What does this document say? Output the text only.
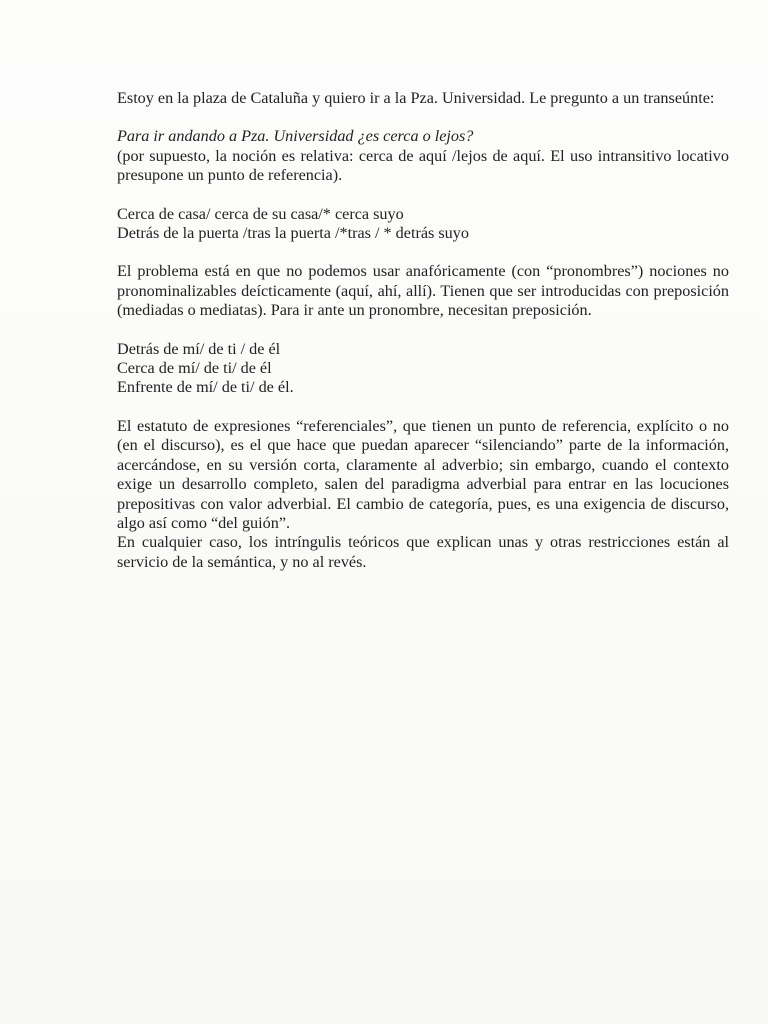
Estoy en la plaza de Cataluña y quiero ir a la Pza. Universidad. Le pregunto a un transeúnte:

Para ir andando a Pza. Universidad ¿es cerca o lejos?
(por supuesto, la noción es relativa: cerca de aquí /lejos de aquí. El uso intransitivo locativo presupone un punto de referencia).
Cerca de casa/ cerca de su casa/* cerca suyo
Detrás de la puerta /tras la puerta /*tras / * detrás suyo

El problema está en que no podemos usar anafóricamente (con “pronombres”) nociones no pronominalizables deícticamente (aquí, ahí, allí). Tienen que ser introducidas con preposición (mediadas o mediatas). Para ir ante un pronombre, necesitan preposición.

Detrás de mí/ de ti / de él
Cerca de mí/ de ti/ de él
Enfrente de mí/ de ti/ de él.

El estatuto de expresiones “referenciales”, que tienen un punto de referencia, explícito o no (en el discurso), es el que hace que puedan aparecer “silenciando” parte de la información, acercándose, en su versión corta, claramente al adverbio; sin embargo, cuando el contexto exige un desarrollo completo, salen del paradigma adverbial para entrar en las locuciones prepositivas con valor adverbial. El cambio de categoría, pues, es una exigencia de discurso, algo así como “del guión”.

En cualquier caso, los intríngulis teóricos que explican unas y otras restricciones están al servicio de la semántica, y no al revés.
